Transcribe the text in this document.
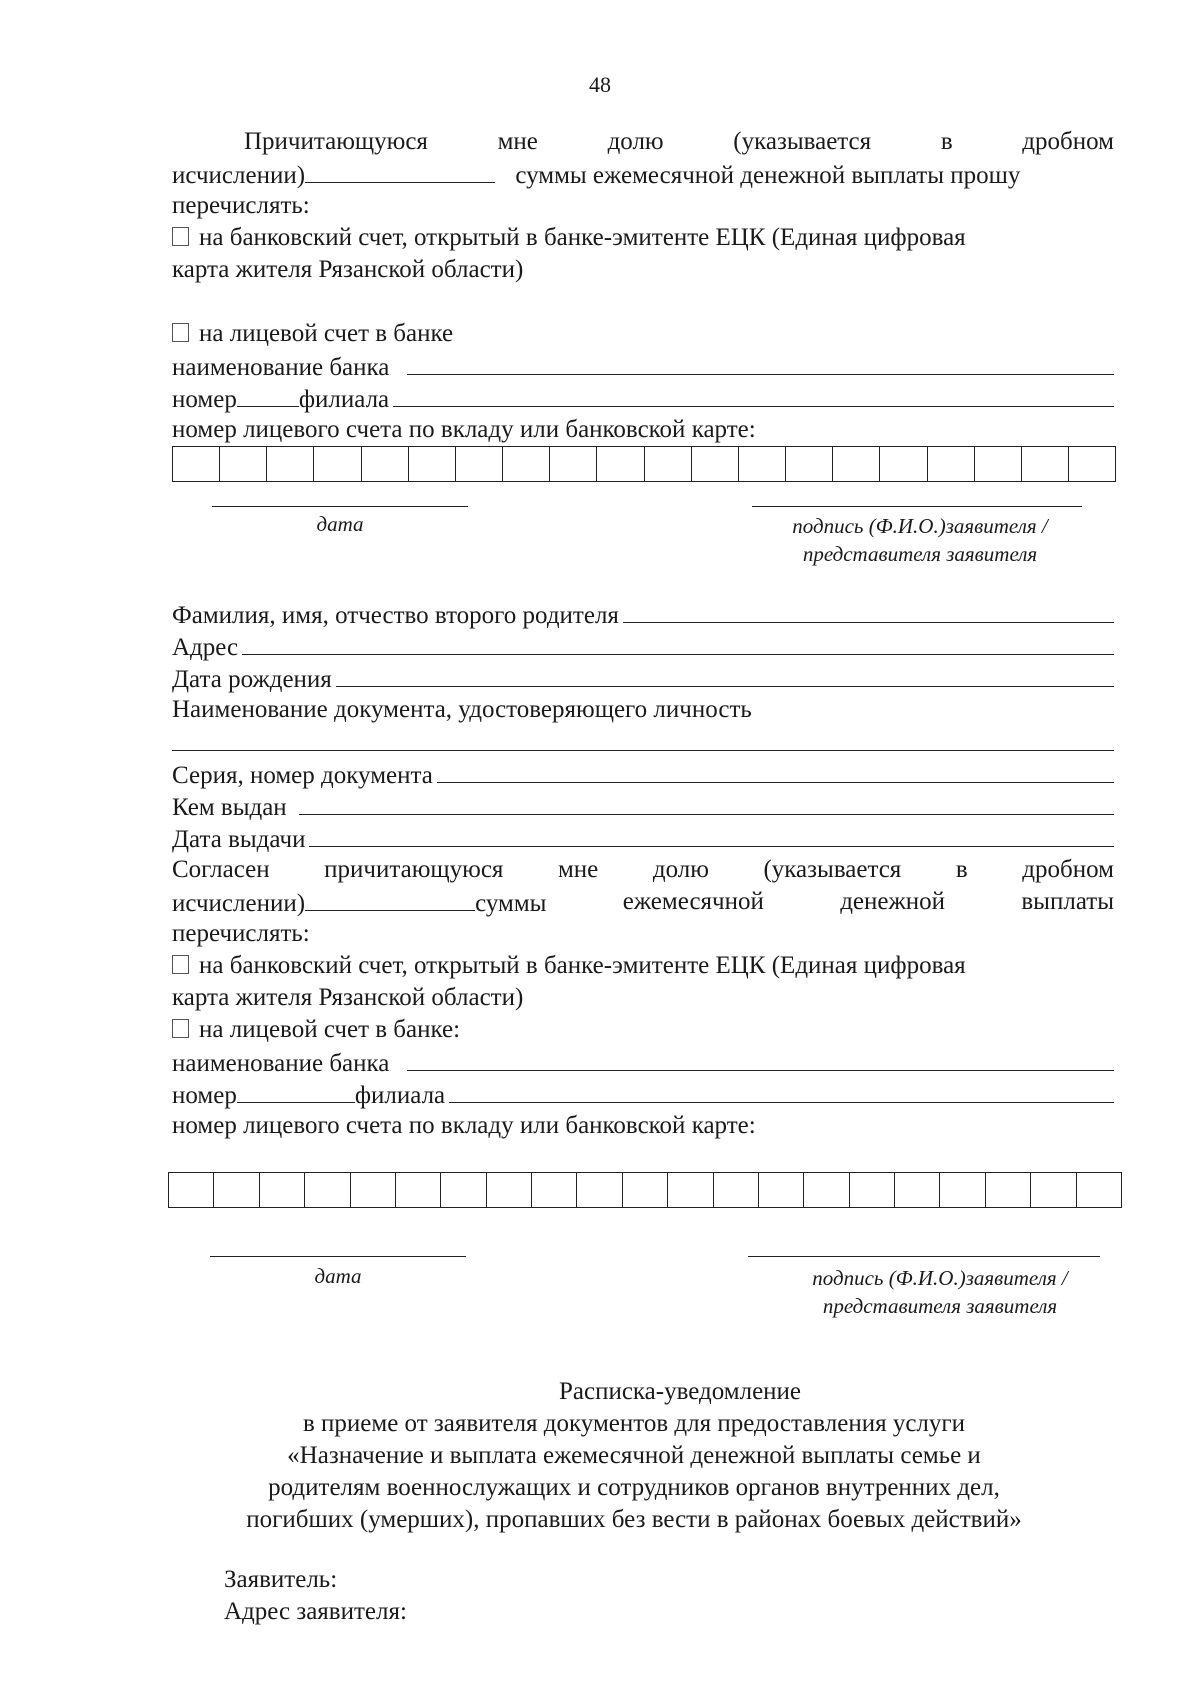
48
Причитающуюся	мне	долю	(указывается	в	дробном
исчислении)	суммы ежемесячной денежной выплаты прошу
перечислять:
на банковский счет, открытый в банке-эмитенте ЕЦК (Единая цифровая
карта жителя Рязанской области)
на лицевой счет в банке
наименование банка
номер филиала
номер лицевого счета по вкладу или банковской карте:
дата	подпись (Ф.И.О.)заявителя /
представителя заявителя
Фамилия, имя, отчество второго родителя
Адрес
Дата рождения
Наименование документа, удостоверяющего личность
Серия, номер документа
Кем выдан
Дата выдачи
Согласен причитающуюся мне долю (указывается в дробном
исчислении)	суммы	ежемесячной	денежной	выплаты
перечислять:
на банковский счет, открытый в банке-эмитенте ЕЦК (Единая цифровая
карта жителя Рязанской области)
на лицевой счет в банке:
наименование банка
номер	филиала
номер лицевого счета по вкладу или банковской карте:
дата	подпись (Ф.И.О.)заявителя /
представителя заявителя
Расписка-уведомление
в приеме от заявителя документов для предоставления услуги
«Назначение и выплата ежемесячной денежной выплаты семье и
родителям военнослужащих и сотрудников органов внутренних дел,
погибших (умерших), пропавших без вести в районах боевых действий»
Заявитель:
Адрес заявителя:
